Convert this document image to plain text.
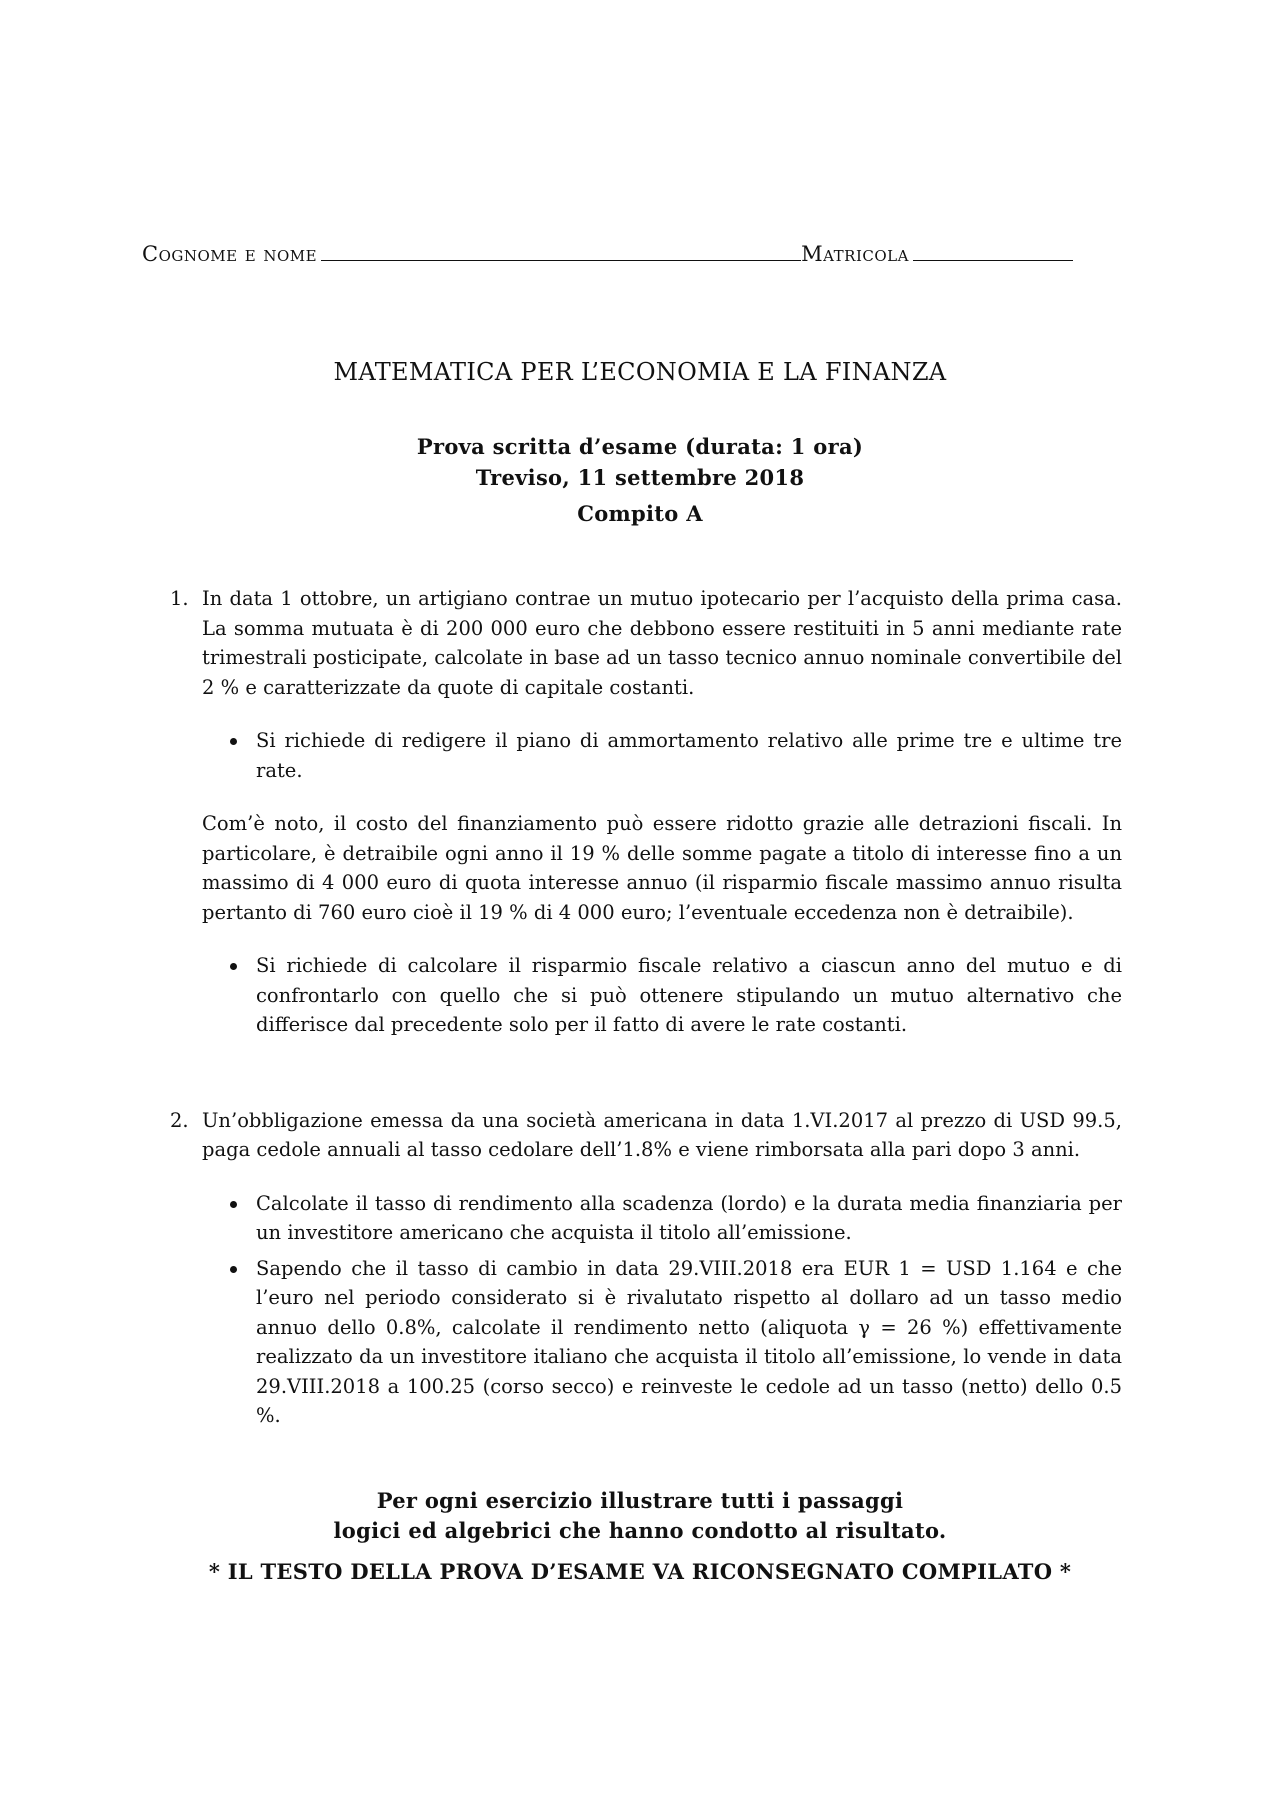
Cognome e nome	Matricola
MATEMATICA PER L’ECONOMIA E LA FINANZA
Prova scritta d’esame (durata: 1 ora)
Treviso, 11 settembre 2018
Compito A
1. In data 1 ottobre, un artigiano contrae un mutuo ipotecario per l’acquisto della prima casa. La somma mutuata è di 200 000 euro che debbono essere restituiti in 5 anni mediante rate trimestrali posticipate, calcolate in base ad un tasso tecnico annuo nominale convertibile del 2 % e caratterizzate da quote di capitale costanti.

Si richiede di redigere il piano di ammortamento relativo alle prime tre e ultime tre rate.

Com’è noto, il costo del finanziamento può essere ridotto grazie alle detrazioni fiscali. In particolare, è detraibile ogni anno il 19 % delle somme pagate a titolo di interesse fino a un massimo di 4 000 euro di quota interesse annuo (il risparmio fiscale massimo annuo risulta pertanto di 760 euro cioè il 19 % di 4 000 euro; l’eventuale eccedenza non è detraibile).

Si richiede di calcolare il risparmio fiscale relativo a ciascun anno del mutuo e di confrontarlo con quello che si può ottenere stipulando un mutuo alternativo che differisce dal precedente solo per il fatto di avere le rate costanti.
2. Un’obbligazione emessa da una società americana in data 1.VI.2017 al prezzo di USD 99.5, paga cedole annuali al tasso cedolare dell’1.8% e viene rimborsata alla pari dopo 3 anni.

Calcolate il tasso di rendimento alla scadenza (lordo) e la durata media finanziaria per un investitore americano che acquista il titolo all’emissione.
Sapendo che il tasso di cambio in data 29.VIII.2018 era EUR 1 = USD 1.164 e che l’euro nel periodo considerato si è rivalutato rispetto al dollaro ad un tasso medio annuo dello 0.8%, calcolate il rendimento netto (aliquota γ = 26 %) effettivamente realizzato da un investitore italiano che acquista il titolo all’emissione, lo vende in data 29.VIII.2018 a 100.25 (corso secco) e reinveste le cedole ad un tasso (netto) dello 0.5 %.
Per ogni esercizio illustrare tutti i passaggi
logici ed algebrici che hanno condotto al risultato.
* IL TESTO DELLA PROVA D’ESAME VA RICONSEGNATO COMPILATO *
